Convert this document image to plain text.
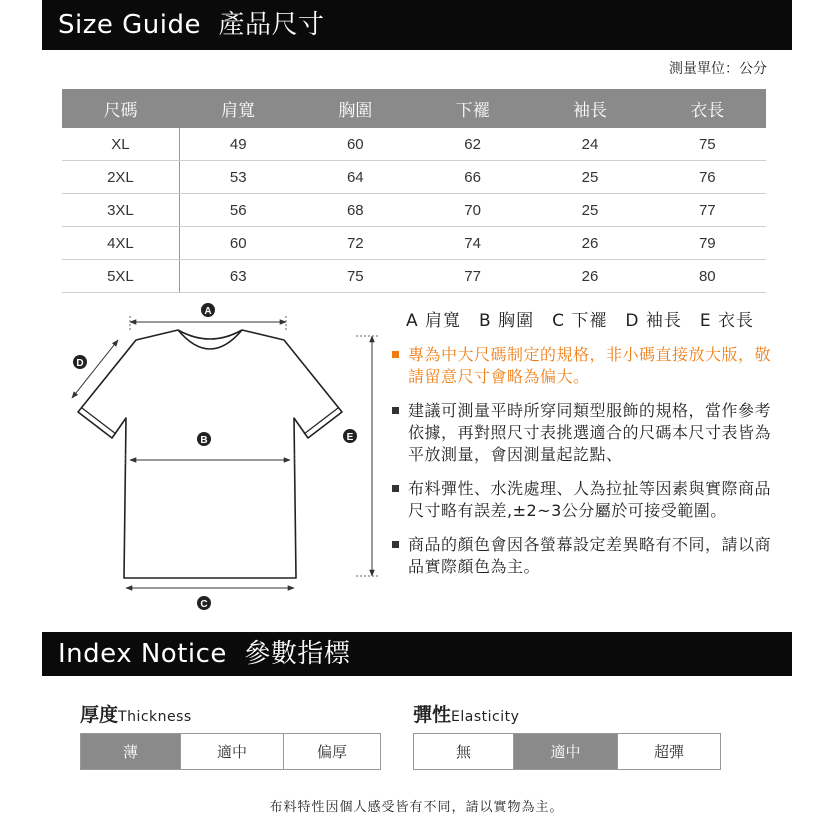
Size Guide  產品尺寸
測量單位：公分
尺碼	肩寬	胸圍	下襬	袖長	衣長
XL	49	60	62	24	75
2XL	53	64	66	25	76
3XL	56	68	70	25	77
4XL	60	72	74	26	79
5XL	63	75	77	26	80
A
D
B	E
C
A 肩寬　B 胸圍　C 下襬　D 袖長　E 衣長
專為中大尺碼制定的規格，非小碼直接放大版，敬請留意尺寸會略為偏大。
建議可測量平時所穿同類型服飾的規格，當作參考依據，再對照尺寸表挑選適合的尺碼本尺寸表皆為平放測量，會因測量起訖點、
布料彈性、水洗處理、人為拉扯等因素與實際商品尺寸略有誤差,±2~3公分屬於可接受範圍。
商品的顏色會因各螢幕設定差異略有不同，請以商品實際顏色為主。
Index Notice  參數指標
厚度Thickness
薄	適中	偏厚
彈性Elasticity
無	適中	超彈
布料特性因個人感受皆有不同，請以實物為主。
